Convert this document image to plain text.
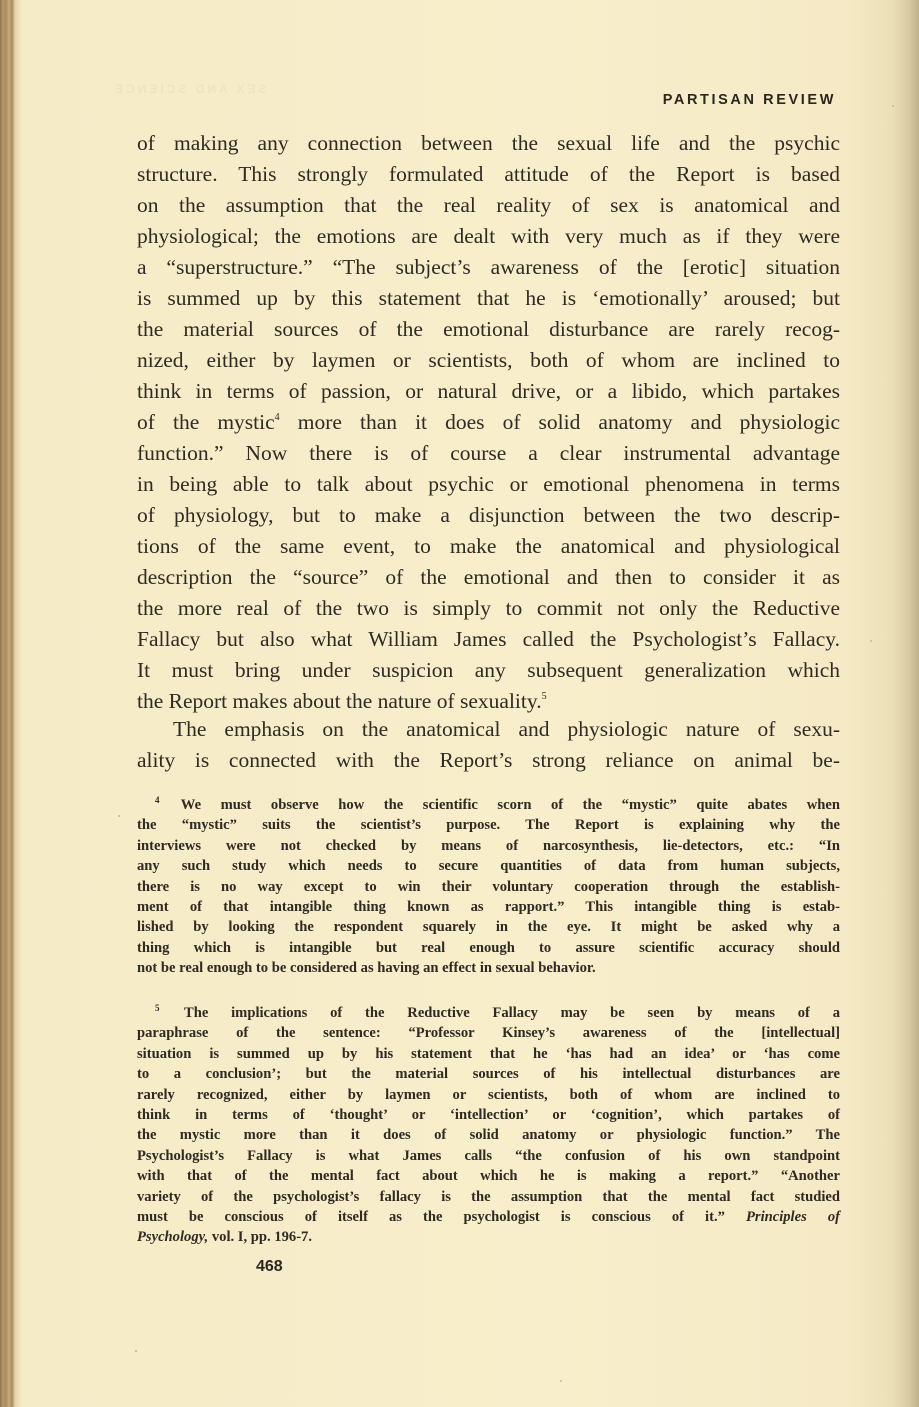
SEX AND SCIENCE
PARTISAN REVIEW
of making any connection between the sexual life and the psychic
structure. This strongly formulated attitude of the Report is based
on the assumption that the real reality of sex is anatomical and
physiological; the emotions are dealt with very much as if they were
a “superstructure.” “The subject’s awareness of the [erotic] situation
is summed up by this statement that he is ‘emotionally’ aroused; but
the material sources of the emotional disturbance are rarely recog-
nized, either by laymen or scientists, both of whom are inclined to
think in terms of passion, or natural drive, or a libido, which partakes
of the mystic$^4$ more than it does of solid anatomy and physiologic
function.” Now there is of course a clear instrumental advantage
in being able to talk about psychic or emotional phenomena in terms
of physiology, but to make a disjunction between the two descrip-
tions of the same event, to make the anatomical and physiological
description the “source” of the emotional and then to consider it as
the more real of the two is simply to commit not only the Reductive
Fallacy but also what William James called the Psychologist’s Fallacy.
It must bring under suspicion any subsequent generalization which
the Report makes about the nature of sexuality.$^5$
The emphasis on the anatomical and physiologic nature of sexu-
ality is connected with the Report’s strong reliance on animal be-
$^4$ We must observe how the scientific scorn of the “mystic” quite abates when
the “mystic” suits the scientist’s purpose. The Report is explaining why the
interviews were not checked by means of narcosynthesis, lie-detectors, etc.: “In
any such study which needs to secure quantities of data from human subjects,
there is no way except to win their voluntary cooperation through the establish-
ment of that intangible thing known as rapport.” This intangible thing is estab-
lished by looking the respondent squarely in the eye. It might be asked why a
thing which is intangible but real enough to assure scientific accuracy should
not be real enough to be considered as having an effect in sexual behavior.
$^5$ The implications of the Reductive Fallacy may be seen by means of a
paraphrase of the sentence: “Professor Kinsey’s awareness of the [intellectual]
situation is summed up by his statement that he ‘has had an idea’ or ‘has come
to a conclusion’; but the material sources of his intellectual disturbances are
rarely recognized, either by laymen or scientists, both of whom are inclined to
think in terms of ‘thought’ or ‘intellection’ or ‘cognition’, which partakes of
the mystic more than it does of solid anatomy or physiologic function.” The
Psychologist’s Fallacy is what James calls “the confusion of his own standpoint
with that of the mental fact about which he is making a report.” “Another
variety of the psychologist’s fallacy is the assumption that the mental fact studied
must be conscious of itself as the psychologist is conscious of it.” Principles of
Psychology, vol. I, pp. 196-7.
468
